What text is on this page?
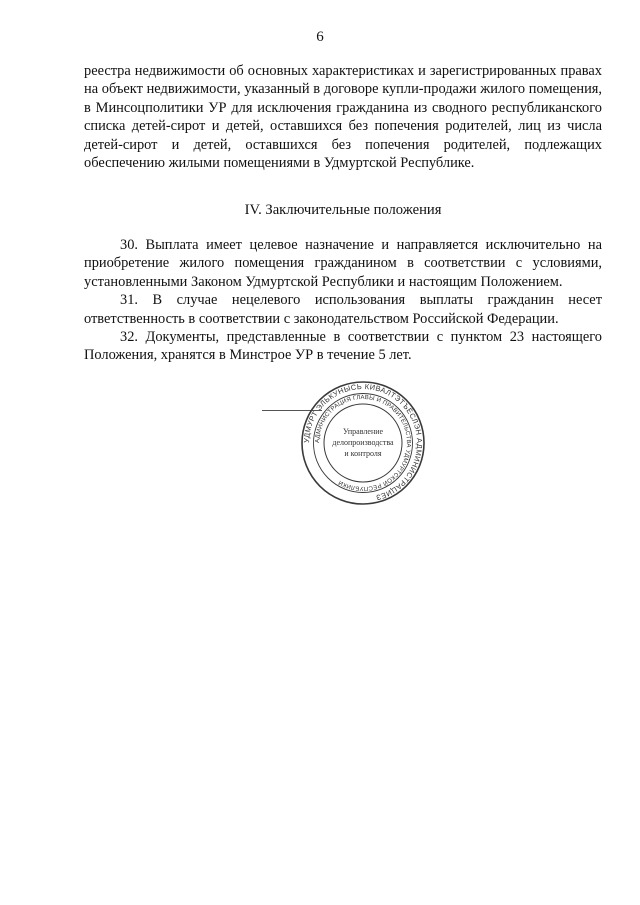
6

реестра недвижимости об основных характеристиках и зарегистрированных правах на объект недвижимости, указанный в договоре купли-продажи жилого помещения, в Минсоцполитики УР для исключения гражданина из сводного республиканского списка детей-сирот и детей, оставшихся без попечения родителей, лиц из числа детей-сирот и детей, оставшихся без попечения родителей, подлежащих обеспечению жилыми помещениями в Удмуртской Республике.

IV. Заключительные положения

30. Выплата имеет целевое назначение и направляется исключительно на приобретение жилого помещения гражданином в соответствии с условиями, установленными Законом Удмуртской Республики и настоящим Положением.

31. В случае нецелевого использования выплаты гражданин несет ответственность в соответствии с законодательством Российской Федерации.

32. Документы, представленные в соответствии с пунктом 23 настоящего Положения, хранятся в Минстрое УР в течение 5 лет.

УДМУРТ ЭЛЬКУНЫСЬ КИВАЛТЭТЪЁСЛЭН АДМИНИСТРАЦИЕЗ
АДМИНИСТРАЦИЯ ГЛАВЫ И ПРАВИТЕЛЬСТВА УДМУРТСКОЙ РЕСПУБЛИКИ
Управление
делопроизводства
и контроля
